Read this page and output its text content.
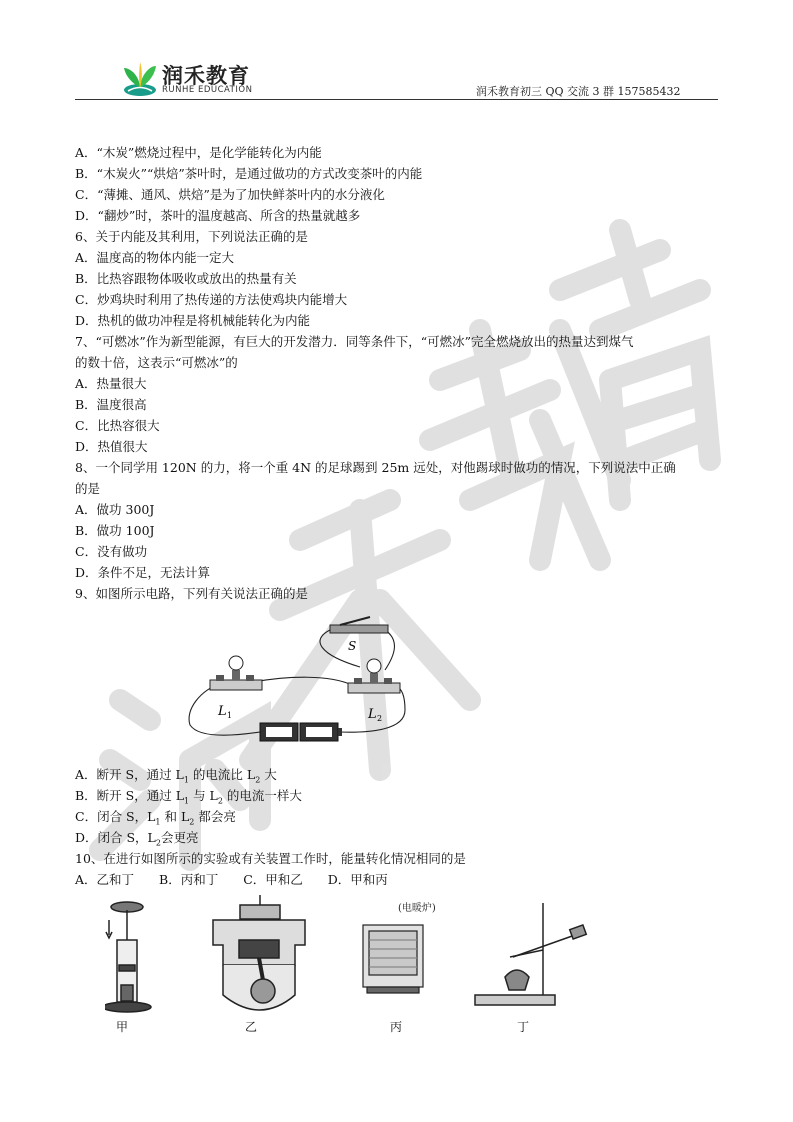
润禾教育
RUNHE EDUCATION	润禾教育初三 QQ 交流 3 群 157585432
A．“木炭”燃烧过程中，是化学能转化为内能
B．“木炭火”“烘焙”茶叶时，是通过做功的方式改变茶叶的内能
C．“薄摊、通风、烘焙”是为了加快鲜茶叶内的水分液化
D．“翻炒”时，茶叶的温度越高、所含的热量就越多
6、关于内能及其利用，下列说法正确的是
A．温度高的物体内能一定大
B．比热容跟物体吸收或放出的热量有关
C．炒鸡块时利用了热传递的方法使鸡块内能增大
D．热机的做功冲程是将机械能转化为内能
7、“可燃冰”作为新型能源，有巨大的开发潜力．同等条件下，“可燃冰”完全燃烧放出的热量达到煤气
的数十倍，这表示“可燃冰”的
A．热量很大
B．温度很高
C．比热容很大
D．热值很大
8、一个同学用 120N 的力，将一个重 4N 的足球踢到 25m 远处，对他踢球时做功的情况，下列说法中正确
的是
A．做功 300J
B．做功 100J
C．没有做功
D．条件不足，无法计算
9、如图所示电路，下列有关说法正确的是
A．断开 S，通过 $L_1$ 的电流比 $L_2$ 大
B．断开 S，通过 $L_1$ 与 $L_2$ 的电流一样大
C．闭合 S，$L_1$ 和 $L_2$ 都会亮
D．闭合 S，$L_2$会更亮
10、在进行如图所示的实验或有关装置工作时，能量转化情况相同的是
A．乙和丁　　B．丙和丁　　C．甲和乙　　D．甲和丙
S
L 1	L 2
(电暖炉)
甲	乙	丙	丁
